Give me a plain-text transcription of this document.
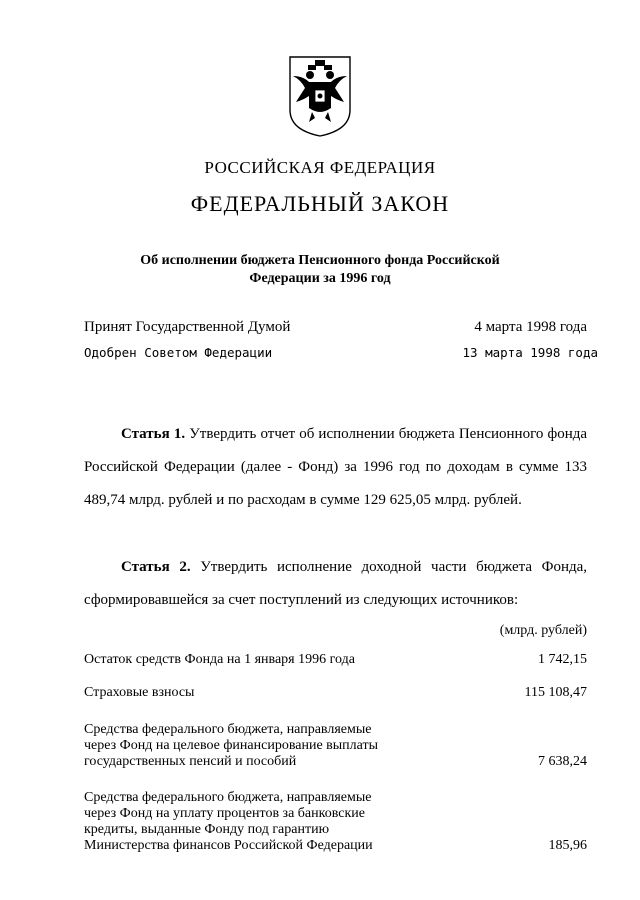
РОССИЙСКАЯ ФЕДЕРАЦИЯ
ФЕДЕРАЛЬНЫЙ ЗАКОН
Об исполнении бюджета Пенсионного фонда Российской
Федерации за 1996 год
Принят Государственной Думой	4 марта 1998 года
Одобрен Советом Федерации	13 марта 1998 года
Статья 1. Утвердить отчет об исполнении бюджета Пенсионного фонда Российской Федерации (далее - Фонд) за 1996 год по доходам в сумме 133 489,74 млрд. рублей и по расходам в сумме 129 625,05 млрд. рублей.
Статья 2. Утвердить исполнение доходной части бюджета Фонда, сформировавшейся за счет поступлений из следующих источников:
(млрд. рублей)
Остаток средств Фонда на 1 января 1996 года	1 742,15
Страховые взносы	115 108,47
Средства федерального бюджета, направляемые
через Фонд на целевое финансирование выплаты
государственных пенсий и пособий	7 638,24
Средства федерального бюджета, направляемые
через Фонд на уплату процентов за банковские
кредиты, выданные Фонду под гарантию
Министерства финансов Российской Федерации	185,96
